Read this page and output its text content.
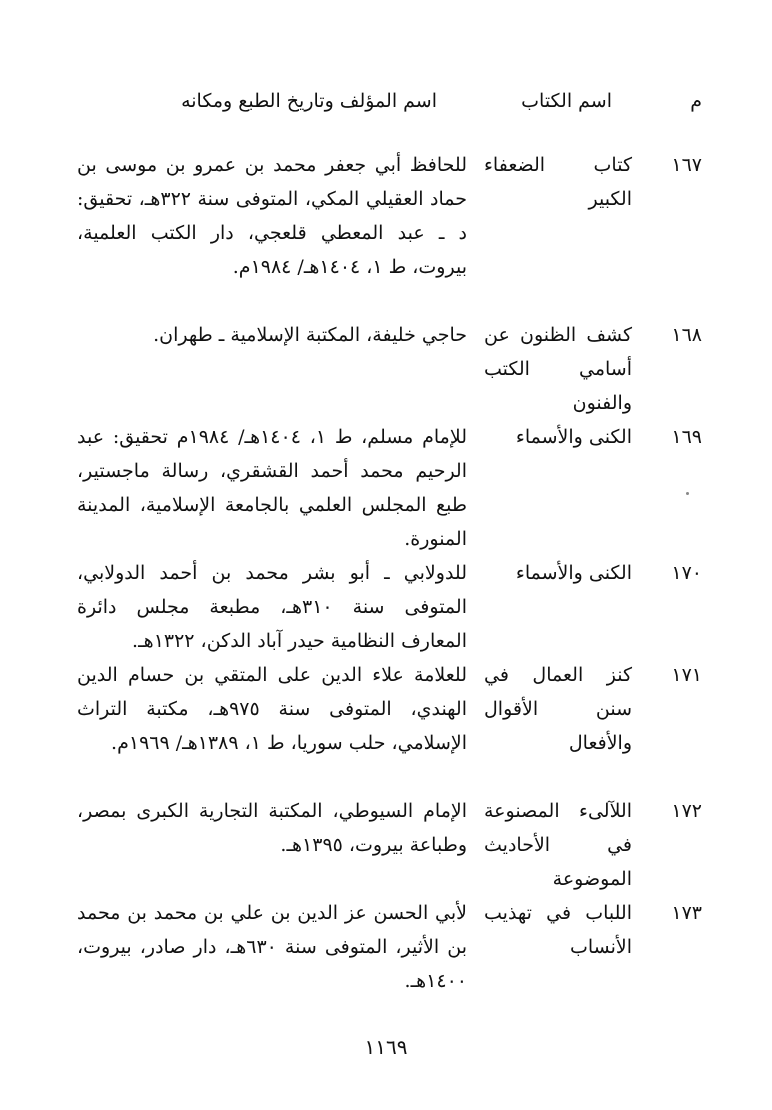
م
اسم الكتاب
اسم المؤلف وتاريخ الطبع ومكانه
١٦٧
كتاب الضعفاء الكبير
للحافظ أبي جعفر محمد بن عمرو بن موسى بن حماد العقيلي المكي، المتوفى سنة ٣٢٢هـ، تحقيق: د ـ عبد المعطي قلعجي، دار الكتب العلمية، بيروت، ط ١، ١٤٠٤هـ/ ١٩٨٤م.
١٦٨
كشف الظنون عن أسامي الكتب والفنون
حاجي خليفة، المكتبة الإسلامية ـ طهران.
١٦٩
الكنى والأسماء
للإمام مسلم، ط ١، ١٤٠٤هـ/ ١٩٨٤م تحقيق: عبد الرحيم محمد أحمد القشقري، رسالة ماجستير، طبع المجلس العلمي بالجامعة الإسلامية، المدينة المنورة.
١٧٠
الكنى والأسماء
للدولابي ـ أبو بشر محمد بن أحمد الدولابي، المتوفى سنة ٣١٠هـ، مطبعة مجلس دائرة المعارف النظامية حيدر آباد الدكن، ١٣٢٢هـ.
١٧١
كنز العمال في سنن الأقوال والأفعال
للعلامة علاء الدين على المتقي بن حسام الدين الهندي، المتوفى سنة ٩٧٥هـ، مكتبة التراث الإسلامي، حلب سوريا، ط ١، ١٣٨٩هـ/ ١٩٦٩م.
١٧٢
اللآلىء المصنوعة في الأحاديث الموضوعة
الإمام السيوطي، المكتبة التجارية الكبرى بمصر، وطباعة بيروت، ١٣٩٥هـ.
١٧٣
اللباب في تهذيب الأنساب
لأبي الحسن عز الدين بن علي بن محمد بن محمد بن الأثير، المتوفى سنة ٦٣٠هـ، دار صادر، بيروت، ١٤٠٠هـ.
١١٦٩
